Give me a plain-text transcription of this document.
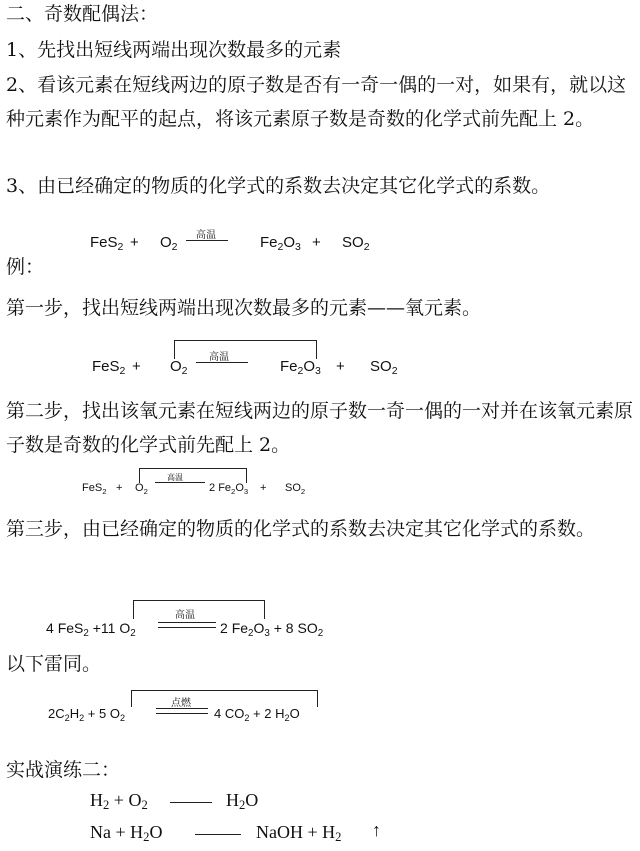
二、奇数配偶法：
1、先找出短线两端出现次数最多的元素
2、看该元素在短线两边的原子数是否有一奇一偶的一对，如果有，就以这种元素作为配平的起点，将该元素原子数是奇数的化学式前先配上 2。
3、由已经确定的物质的化学式的系数去决定其它化学式的系数。
例：
$FeS_2 + O_2$
高温	$Fe_2O_3 + SO_2$
第一步，找出短线两端出现次数最多的元素——氧元素。
$FeS_2 + O_2$
高温
$Fe_2O_3 + SO_2$
第二步，找出该氧元素在短线两边的原子数一奇一偶的一对并在该氧元素原子数是奇数的化学式前先配上 2。
$FeS_2 + O_2$
高温
2 $Fe_2O_3 + SO_2$
第三步，由已经确定的物质的化学式的系数去决定其它化学式的系数。
4 FeS$_2$ +11 $O_2$
高温
2 $Fe_2O_3 + 8$ $SO_2$
以下雷同。
$2C_2H_2 + 5$ $O_2$
点燃
4 $CO_2 + 2$ $H_2O$
实战演练二：
$H_2 + O_2$	$H_2O$
$Na + H_2O$	NaOH + $H_2$ ↑
